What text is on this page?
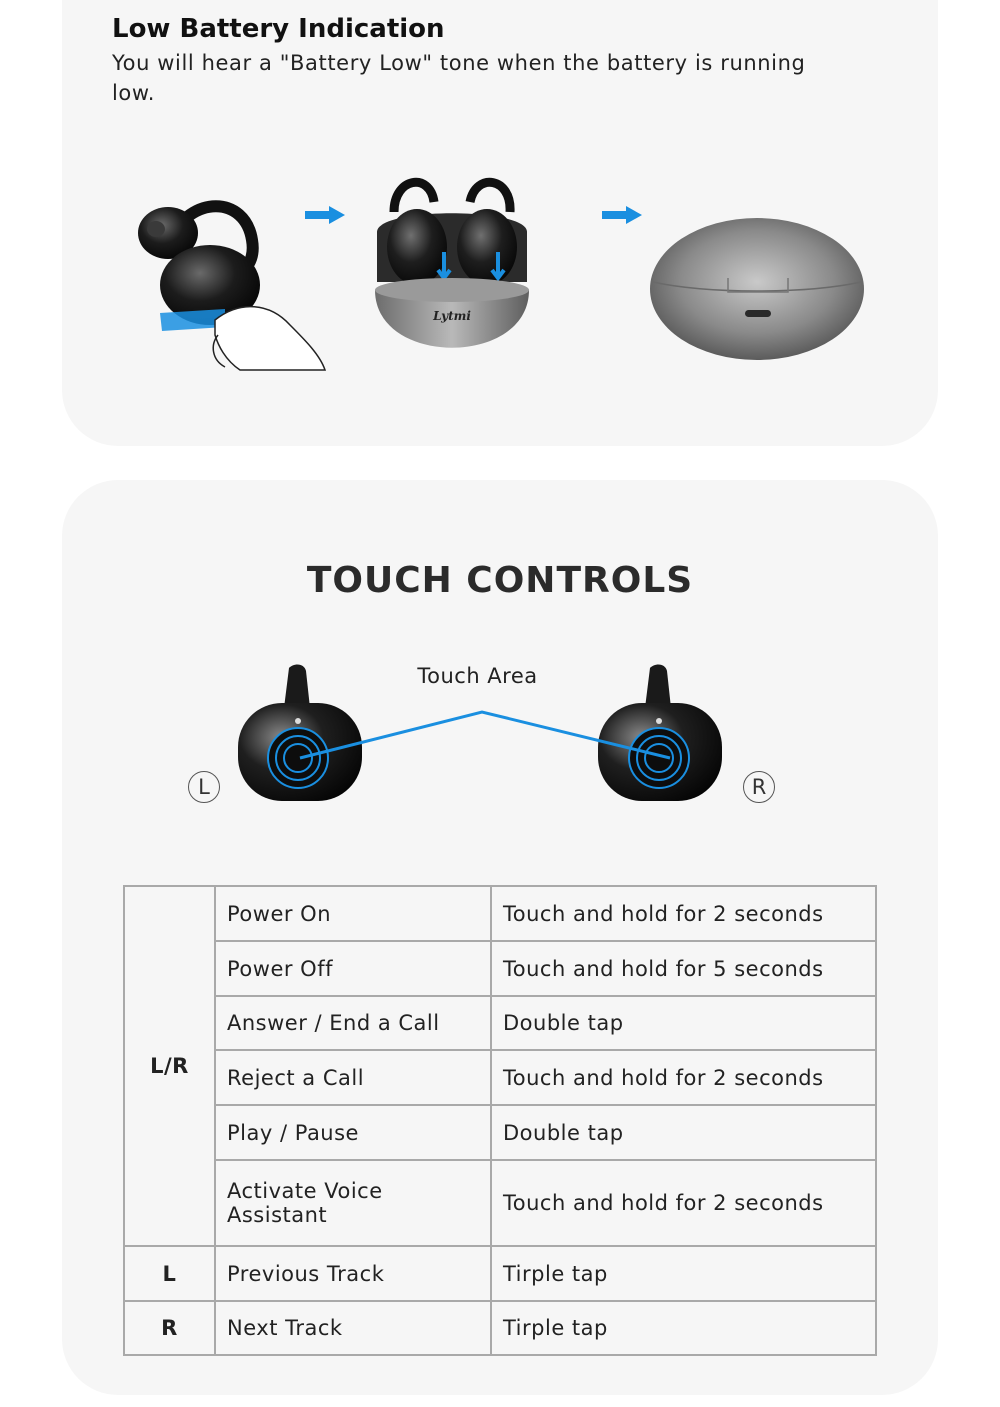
Low Battery Indication
You will hear a "Battery Low" tone when the battery is running low.
Lytmi
TOUCH CONTROLS
Touch Area
L	R
L/R	Power On	Touch and hold for 2 seconds
	Power Off	Touch and hold for 5 seconds
	Answer / End a Call	Double tap
	Reject a Call	Touch and hold for 2 seconds
	Play / Pause	Double tap
	Activate Voice Assistant	Touch and hold for 2 seconds
L	Previous Track	Tirple tap
R	Next Track	Tirple tap
